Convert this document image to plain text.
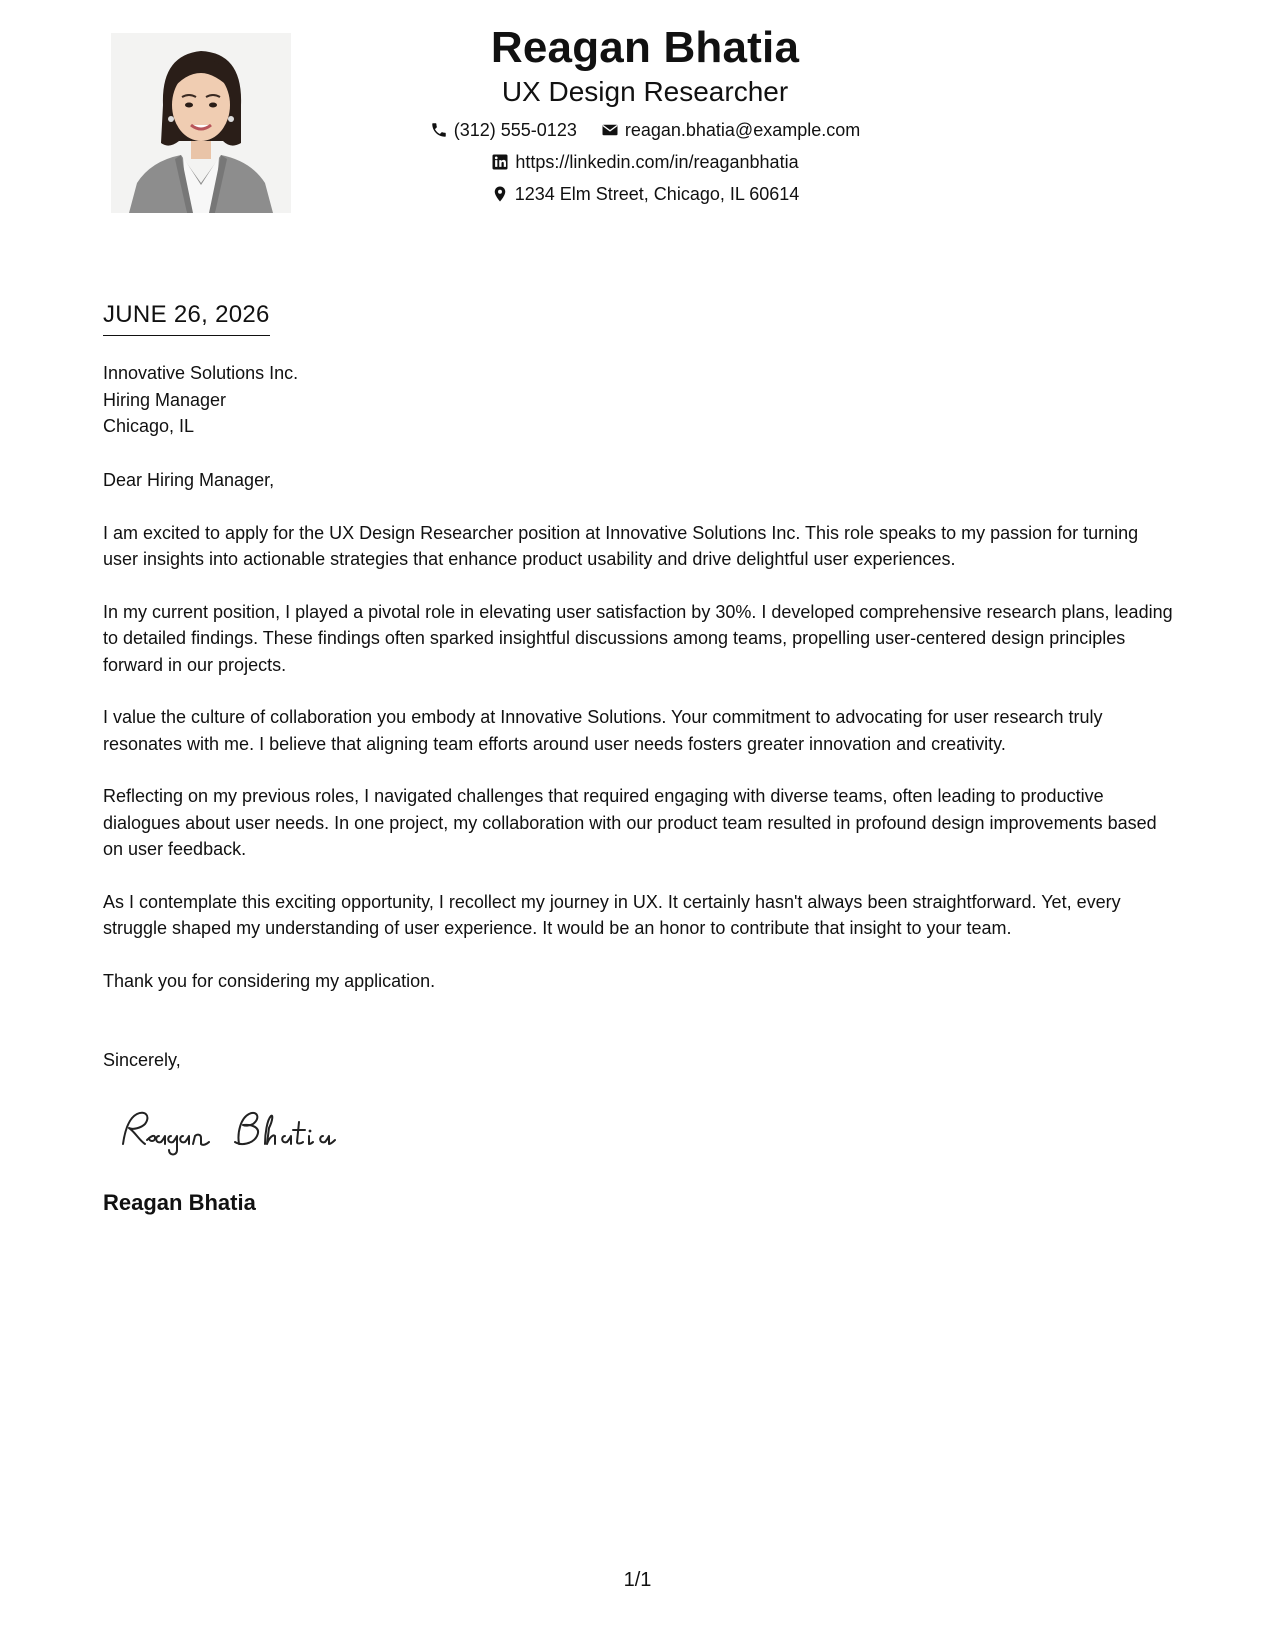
Reagan Bhatia
UX Design Researcher
(312) 555-0123	reagan.bhatia@example.com
https://linkedin.com/in/reaganbhatia
1234 Elm Street, Chicago, IL 60614
JUNE 26, 2026
Innovative Solutions Inc.
Hiring Manager
Chicago, IL

Dear Hiring Manager,

I am excited to apply for the UX Design Researcher position at Innovative Solutions Inc. This role speaks to my passion for turning user insights into actionable strategies that enhance product usability and drive delightful user experiences.

In my current position, I played a pivotal role in elevating user satisfaction by 30%. I developed comprehensive research plans, leading to detailed findings. These findings often sparked insightful discussions among teams, propelling user-centered design principles forward in our projects.

I value the culture of collaboration you embody at Innovative Solutions. Your commitment to advocating for user research truly resonates with me. I believe that aligning team efforts around user needs fosters greater innovation and creativity.

Reflecting on my previous roles, I navigated challenges that required engaging with diverse teams, often leading to productive dialogues about user needs. In one project, my collaboration with our product team resulted in profound design improvements based on user feedback.

As I contemplate this exciting opportunity, I recollect my journey in UX. It certainly hasn't always been straightforward. Yet, every struggle shaped my understanding of user experience. It would be an honor to contribute that insight to your team.

Thank you for considering my application.

Sincerely,
Reagan Bhatia
1/1
